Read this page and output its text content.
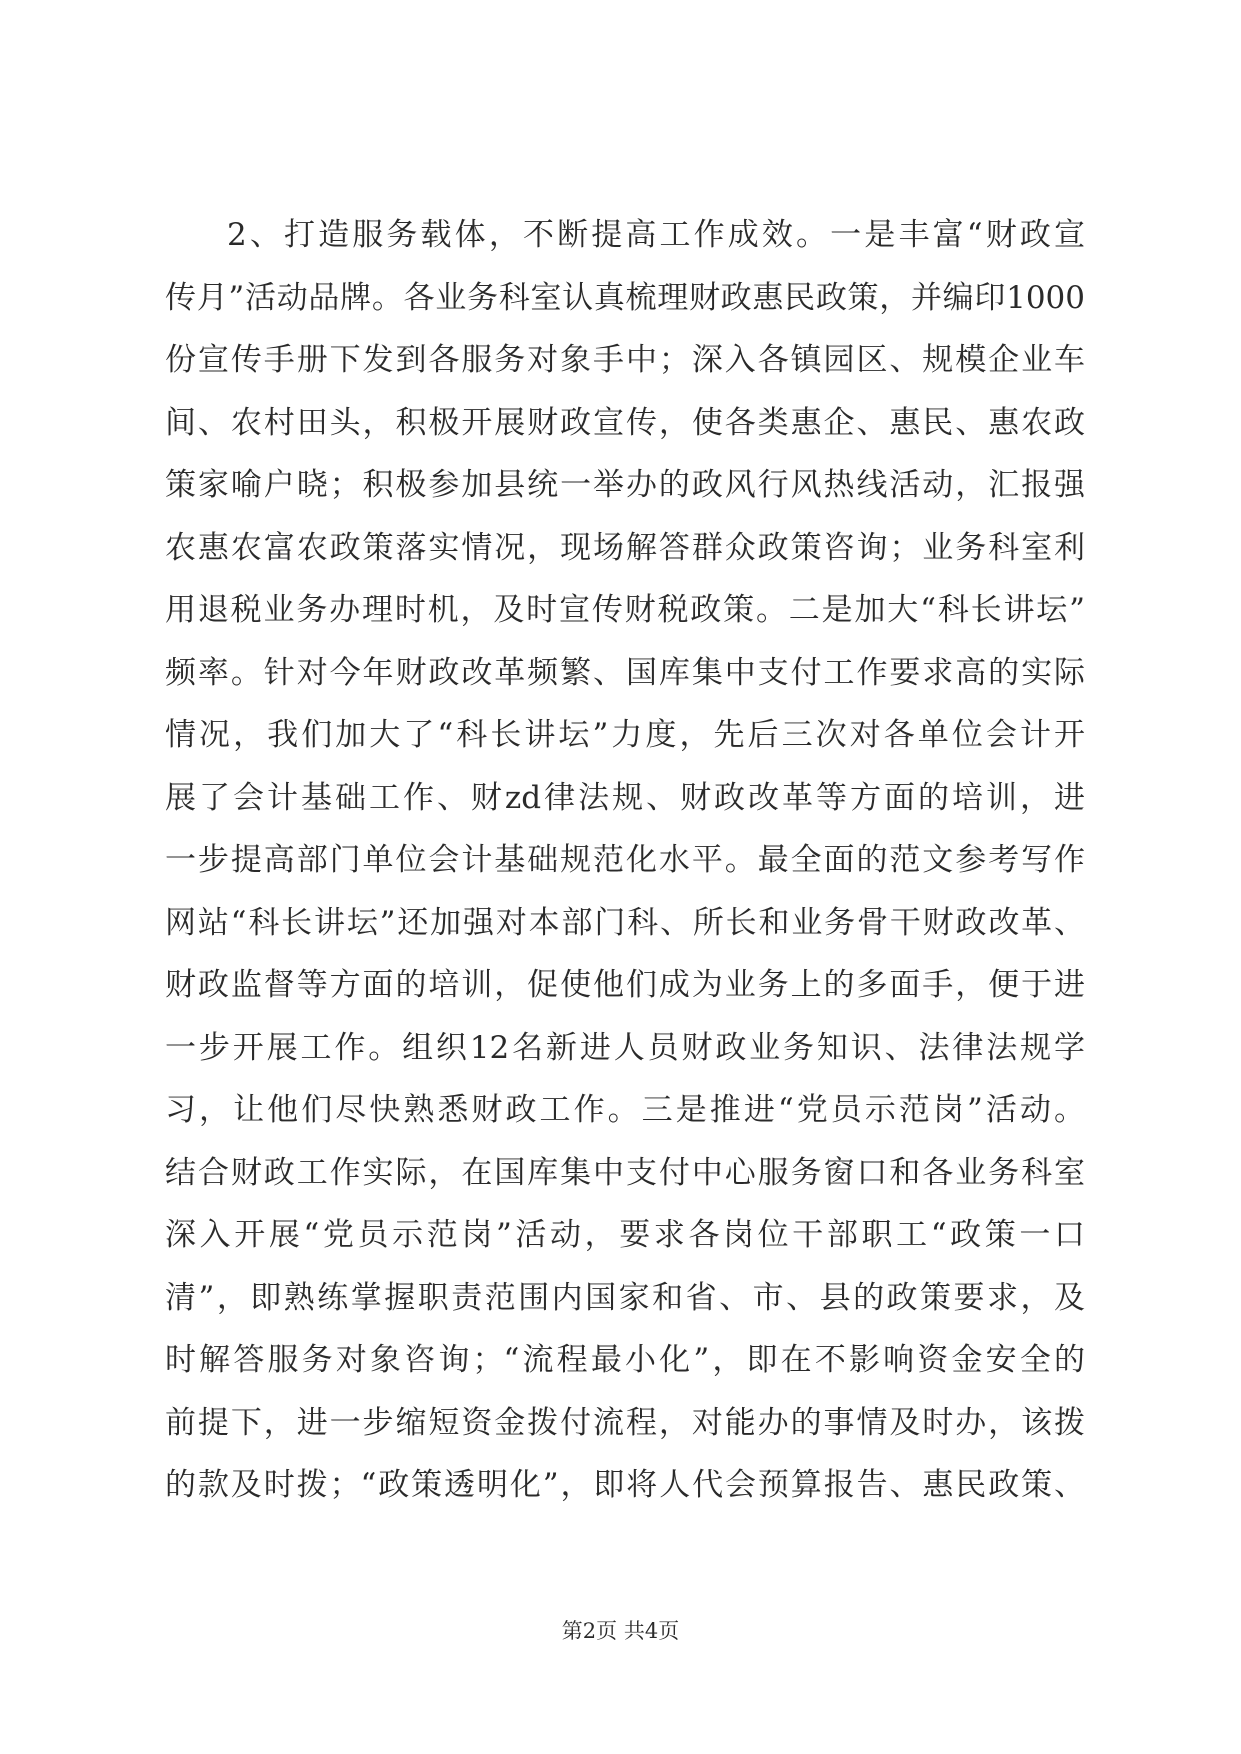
2、打造服务载体，不断提高工作成效。一是丰富“财政宣
传月”活动品牌。各业务科室认真梳理财政惠民政策，并编印1000
份宣传手册下发到各服务对象手中；深入各镇园区、规模企业车
间、农村田头，积极开展财政宣传，使各类惠企、惠民、惠农政
策家喻户晓；积极参加县统一举办的政风行风热线活动，汇报强
农惠农富农政策落实情况，现场解答群众政策咨询；业务科室利
用退税业务办理时机，及时宣传财税政策。二是加大“科长讲坛”
频率。针对今年财政改革频繁、国库集中支付工作要求高的实际
情况，我们加大了“科长讲坛”力度，先后三次对各单位会计开
展了会计基础工作、财zd律法规、财政改革等方面的培训，进
一步提高部门单位会计基础规范化水平。最全面的范文参考写作
网站“科长讲坛”还加强对本部门科、所长和业务骨干财政改革、
财政监督等方面的培训，促使他们成为业务上的多面手，便于进
一步开展工作。组织12名新进人员财政业务知识、法律法规学
习，让他们尽快熟悉财政工作。三是推进“党员示范岗”活动。
结合财政工作实际，在国库集中支付中心服务窗口和各业务科室
深入开展“党员示范岗”活动，要求各岗位干部职工“政策一口
清”，即熟练掌握职责范围内国家和省、市、县的政策要求，及
时解答服务对象咨询；“流程最小化”，即在不影响资金安全的
前提下，进一步缩短资金拨付流程，对能办的事情及时办，该拨
的款及时拨；“政策透明化”，即将人代会预算报告、惠民政策、
第2页 共4页
